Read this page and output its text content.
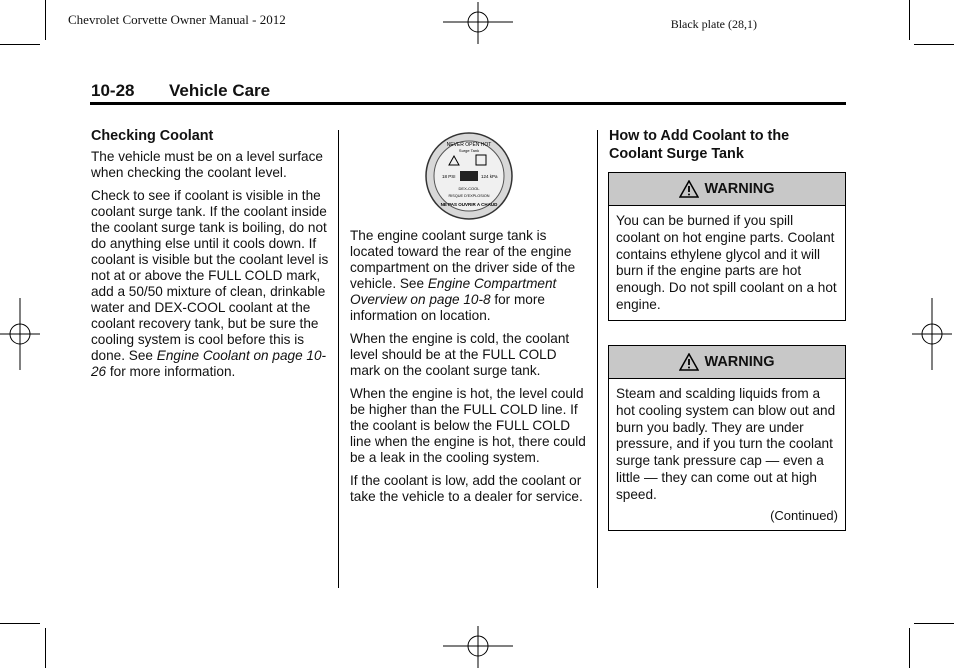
Chevrolet Corvette Owner Manual - 2012	Black plate (28,1)
10-28 Vehicle Care
Checking Coolant

The vehicle must be on a level surface when checking the coolant level.

Check to see if coolant is visible in the coolant surge tank. If the coolant inside the coolant surge tank is boiling, do not do anything else until it cools down. If coolant is visible but the coolant level is not at or above the FULL COLD mark, add a 50/50 mixture of clean, drinkable water and DEX-COOL coolant at the coolant recovery tank, but be sure the cooling system is cool before this is done. See Engine Coolant on page 10-26 for more information.

NEVER OPEN HOT
Surge Tank
18 PSI	124 kPa
DEX-COOL
RISQUE D'EXPLOSION
NE PAS OUVRIR A CHAUD

The engine coolant surge tank is located toward the rear of the engine compartment on the driver side of the vehicle. See Engine Compartment Overview on page 10-8 for more information on location.

When the engine is cold, the coolant level should be at the FULL COLD mark on the coolant surge tank.

When the engine is hot, the level could be higher than the FULL COLD line. If the coolant is below the FULL COLD line when the engine is hot, there could be a leak in the cooling system.

If the coolant is low, add the coolant or take the vehicle to a dealer for service.

How to Add Coolant to the Coolant Surge Tank
WARNING
You can be burned if you spill coolant on hot engine parts. Coolant contains ethylene glycol and it will burn if the engine parts are hot enough. Do not spill coolant on a hot engine.
WARNING
Steam and scalding liquids from a hot cooling system can blow out and burn you badly. They are under pressure, and if you turn the coolant surge tank pressure cap — even a little — they can come out at high speed.
(Continued)
